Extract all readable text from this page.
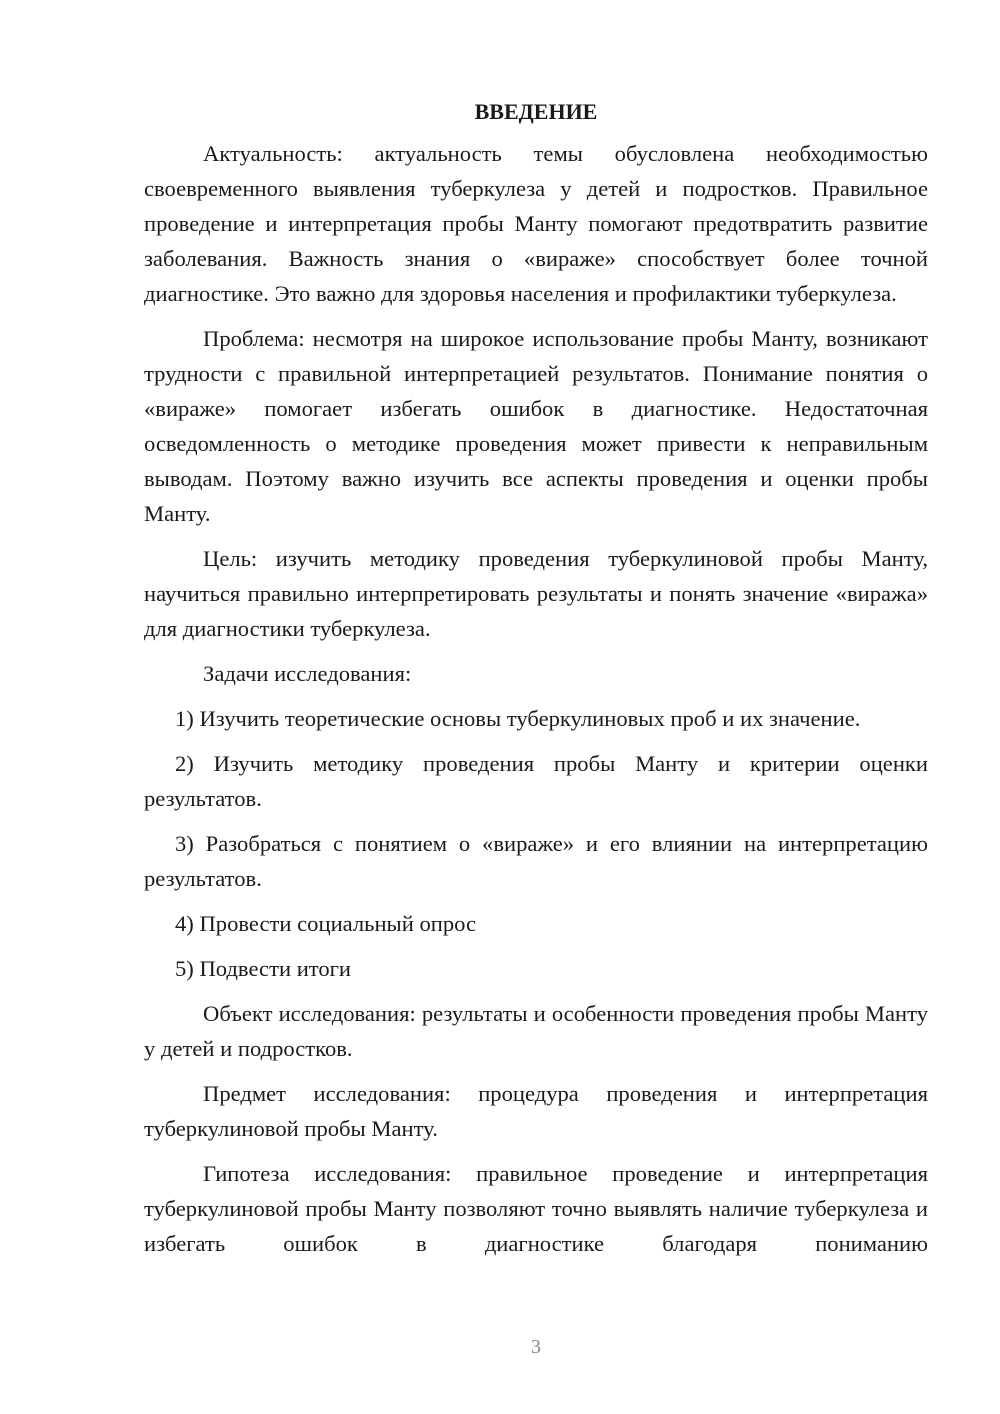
ВВЕДЕНИЕ

Актуальность: актуальность темы обусловлена необходимостью своевременного выявления туберкулеза у детей и подростков. Правильное проведение и интерпретация пробы Манту помогают предотвратить развитие заболевания. Важность знания о «вираже» способствует более точной диагностике. Это важно для здоровья населения и профилактики туберкулеза.

Проблема: несмотря на широкое использование пробы Манту, возникают трудности с правильной интерпретацией результатов. Понимание понятия о «вираже» помогает избегать ошибок в диагностике. Недостаточная осведомленность о методике проведения может привести к неправильным выводам. Поэтому важно изучить все аспекты проведения и оценки пробы Манту.

Цель: изучить методику проведения туберкулиновой пробы Манту, научиться правильно интерпретировать результаты и понять значение «виража» для диагностики туберкулеза.

Задачи исследования:

1) Изучить теоретические основы туберкулиновых проб и их значение.

2) Изучить методику проведения пробы Манту и критерии оценки результатов.

3) Разобраться с понятием о «вираже» и его влиянии на интерпретацию результатов.

4) Провести социальный опрос

5) Подвести итоги

Объект исследования: результаты и особенности проведения пробы Манту у детей и подростков.

Предмет исследования: процедура проведения и интерпретация туберкулиновой пробы Манту.

Гипотеза исследования: правильное проведение и интерпретация туберкулиновой пробы Манту позволяют точно выявлять наличие туберкулеза и избегать ошибок в диагностике благодаря пониманию

3
